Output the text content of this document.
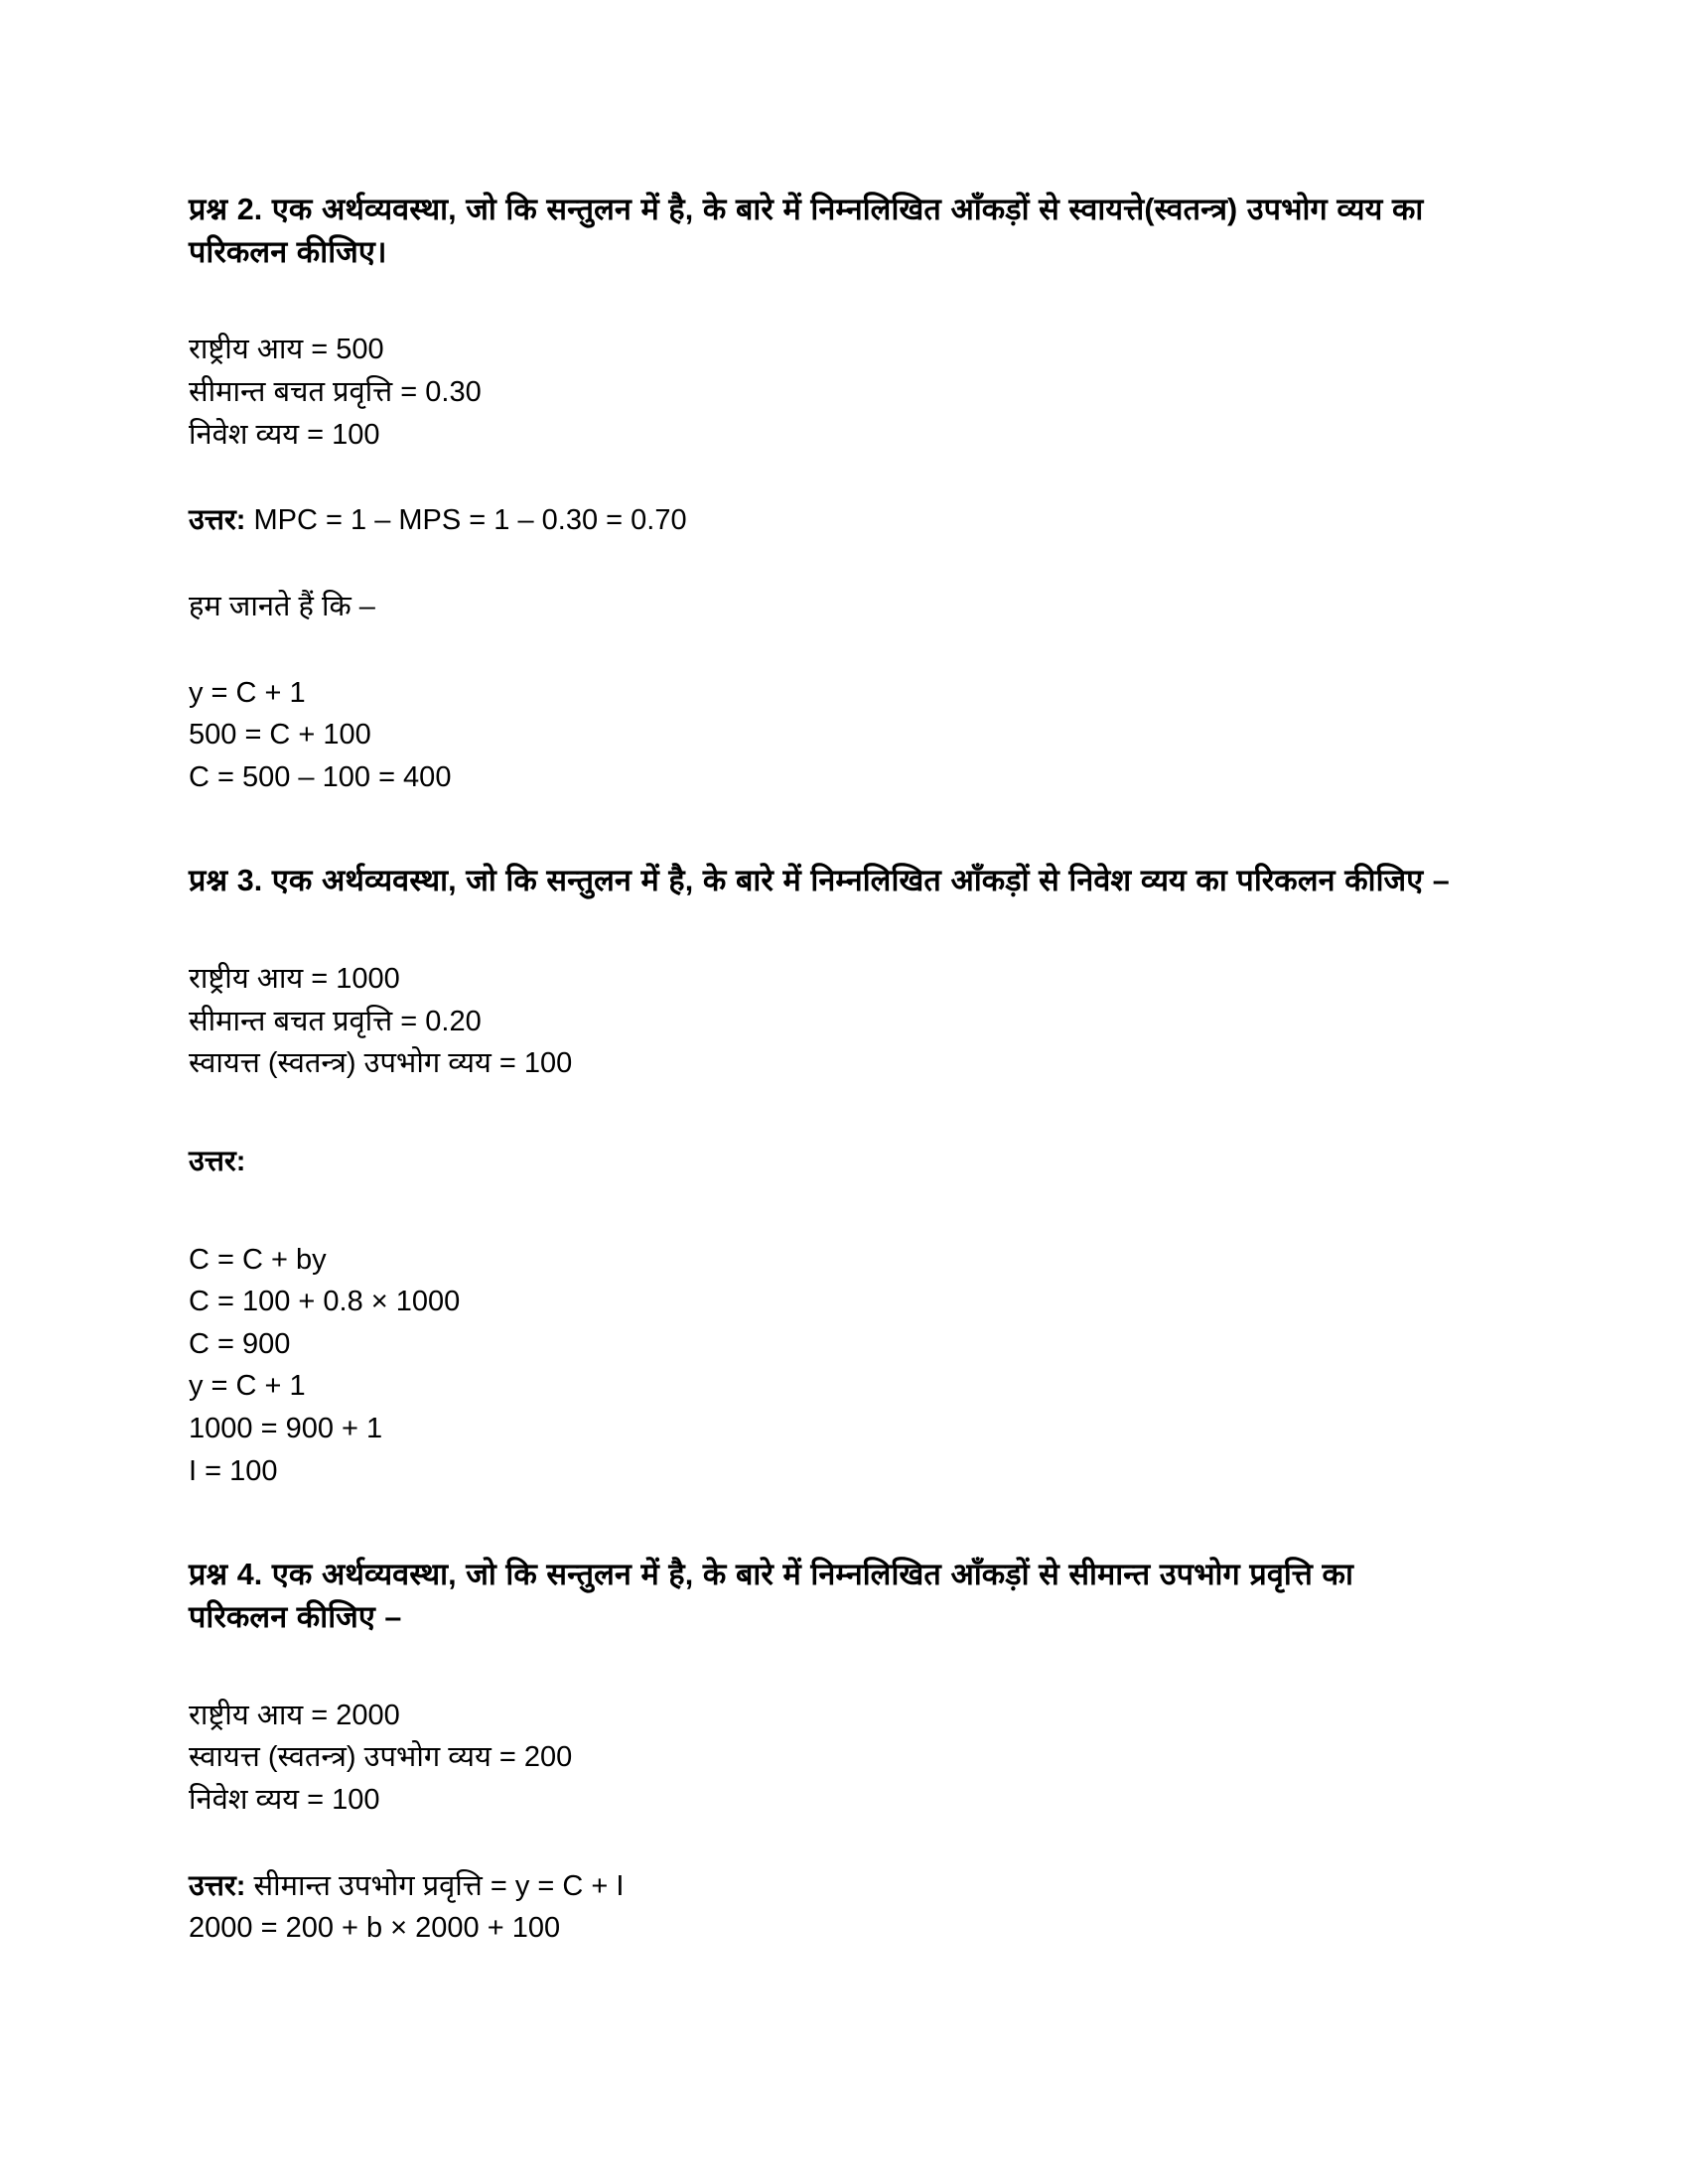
प्रश्न 2. एक अर्थव्यवस्था, जो कि सन्तुलन में है, के बारे में निम्नलिखित आँकड़ों से स्वायत्ते(स्वतन्त्र) उपभोग व्यय का परिकलन कीजिए।

राष्ट्रीय आय = 500
सीमान्त बचत प्रवृत्ति = 0.30
निवेश व्यय = 100

उत्तर: MPC = 1 – MPS = 1 – 0.30 = 0.70

हम जानते हैं कि –

y = C + 1
500 = C + 100
C = 500 – 100 = 400

प्रश्न 3. एक अर्थव्यवस्था, जो कि सन्तुलन में है, के बारे में निम्नलिखित आँकड़ों से निवेश व्यय का परिकलन कीजिए –

राष्ट्रीय आय = 1000
सीमान्त बचत प्रवृत्ति = 0.20
स्वायत्त (स्वतन्त्र) उपभोग व्यय = 100

उत्तर:

C = C + by
C = 100 + 0.8 × 1000
C = 900
y = C + 1
1000 = 900 + 1
I = 100

प्रश्न 4. एक अर्थव्यवस्था, जो कि सन्तुलन में है, के बारे में निम्नलिखित आँकड़ों से सीमान्त उपभोग प्रवृत्ति का परिकलन कीजिए –

राष्ट्रीय आय = 2000
स्वायत्त (स्वतन्त्र) उपभोग व्यय = 200
निवेश व्यय = 100

उत्तर: सीमान्त उपभोग प्रवृत्ति = y = C + I

2000 = 200 + b × 2000 + 100
